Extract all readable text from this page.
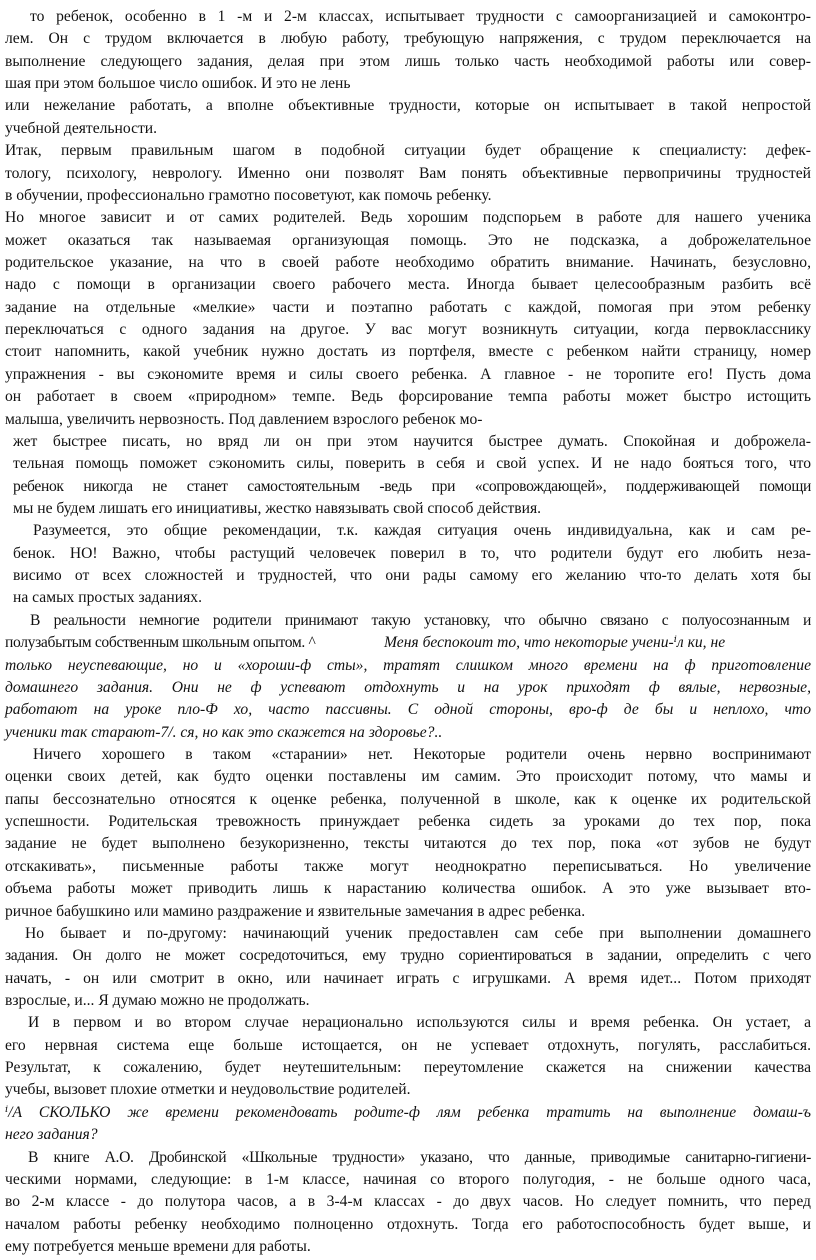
то ребенок, особенно в 1 -м и 2-м классах, испытывает трудности с самоорганизацией и самоконтро-
лем. Он с трудом включается в любую работу, требующую напряжения, с трудом переключается на
выполнение следующего задания, делая при этом лишь только часть необходимой работы или совер-
шая при этом большое число ошибок. И это не лень
или нежелание работать, а вполне объективные трудности, которые он испытывает в такой непростой
учебной деятельности.
Итак, первым правильным шагом в подобной ситуации будет обращение к специалисту: дефек-
тологу, психологу, неврологу. Именно они позволят Вам понять объективные первопричины трудностей
в обучении, профессионально грамотно посоветуют, как помочь ребенку.
Но многое зависит и от самих родителей. Ведь хорошим подспорьем в работе для нашего ученика
может оказаться так называемая организующая помощь. Это не подсказка, а доброжелательное
родительское указание, на что в своей работе необходимо обратить внимание. Начинать, безусловно,
надо с помощи в организации своего рабочего места. Иногда бывает целесообразным разбить всё
задание на отдельные «мелкие» части и поэтапно работать с каждой, помогая при этом ребенку
переключаться с одного задания на другое. У вас могут возникнуть ситуации, когда первокласснику
стоит напомнить, какой учебник нужно достать из портфеля, вместе с ребенком найти страницу, номер
упражнения - вы сэкономите время и силы своего ребенка. А главное - не торопите его! Пусть дома
он работает в своем «природном» темпе. Ведь форсирование темпа работы может быстро истощить
малыша, увеличить нервозность. Под давлением взрослого ребенок мо-
жет быстрее писать, но вряд ли он при этом научится быстрее думать. Спокойная и доброжела-
тельная помощь поможет сэкономить силы, поверить в себя и свой успех. И не надо бояться того, что
ребенок никогда не станет самостоятельным -ведь при «сопровождающей», поддерживающей помощи
мы не будем лишать его инициативы, жестко навязывать свой способ действия.
Разумеется, это общие рекомендации, т.к. каждая ситуация очень индивидуальна, как и сам ре-
бенок. НО! Важно, чтобы растущий человечек поверил в то, что родители будут его любить неза-
висимо от всех сложностей и трудностей, что они рады самому его желанию что-то делать хотя бы
на самых простых заданиях.
В реальности немногие родители принимают такую установку, что обычно связано с полуосознанным и
полузабытым собственным школьным опытом. ^	Меня беспокоит то, что некоторые учени-ⁱл ки, не
только неуспевающие, но и «хороши-ф сты», тратят слишком много времени на ф приготовление
домашнего задания. Они не ф успевают отдохнуть и на урок приходят ф вялые, нервозные,
работают на уроке пло-Ф хо, часто пассивны. С одной стороны, вро-ф де бы и неплохо, что
ученики так старают-7/. ся, но как это скажется на здоровье?..
Ничего хорошего в таком «старании» нет. Некоторые родители очень нервно воспринимают
оценки своих детей, как будто оценки поставлены им самим. Это происходит потому, что мамы и
папы бессознательно относятся к оценке ребенка, полученной в школе, как к оценке их родительской
успешности. Родительская тревожность принуждает ребенка сидеть за уроками до тех пор, пока
задание не будет выполнено безукоризненно, тексты читаются до тех пор, пока «от зубов не будут
отскакивать», письменные работы также могут неоднократно переписываться. Но увеличение
объема работы может приводить лишь к нарастанию количества ошибок. А это уже вызывает вто-
ричное бабушкино или мамино раздражение и язвительные замечания в адрес ребенка.
Но бывает и по-другому: начинающий ученик предоставлен сам себе при выполнении домашнего
задания. Он долго не может сосредоточиться, ему трудно сориентироваться в задании, определить с чего
начать, - он или смотрит в окно, или начинает играть с игрушками. А время идет... Потом приходят
взрослые, и... Я думаю можно не продолжать.
И в первом и во втором случае нерационально используются силы и время ребенка. Он устает, а
его нервная система еще больше истощается, он не успевает отдохнуть, погулять, расслабиться.
Результат, к сожалению, будет неутешительным: переутомление скажется на снижении качества
учебы, вызовет плохие отметки и неудовольствие родителей.
ⁱ/А СКОЛЬКО же времени рекомендовать родите-ф лям ребенка тратить на выполнение домаш-ъ
него задания?
В книге А.О. Дробинской «Школьные трудности» указано, что данные, приводимые санитарно-гигиени-
ческими нормами, следующие: в 1-м классе, начиная со второго полугодия, - не больше одного часа,
во 2-м классе - до полутора часов, а в 3-4-м классах - до двух часов. Но следует помнить, что перед
началом работы ребенку необходимо полноценно отдохнуть. Тогда его работоспособность будет выше, и
ему потребуется меньше времени для работы.
